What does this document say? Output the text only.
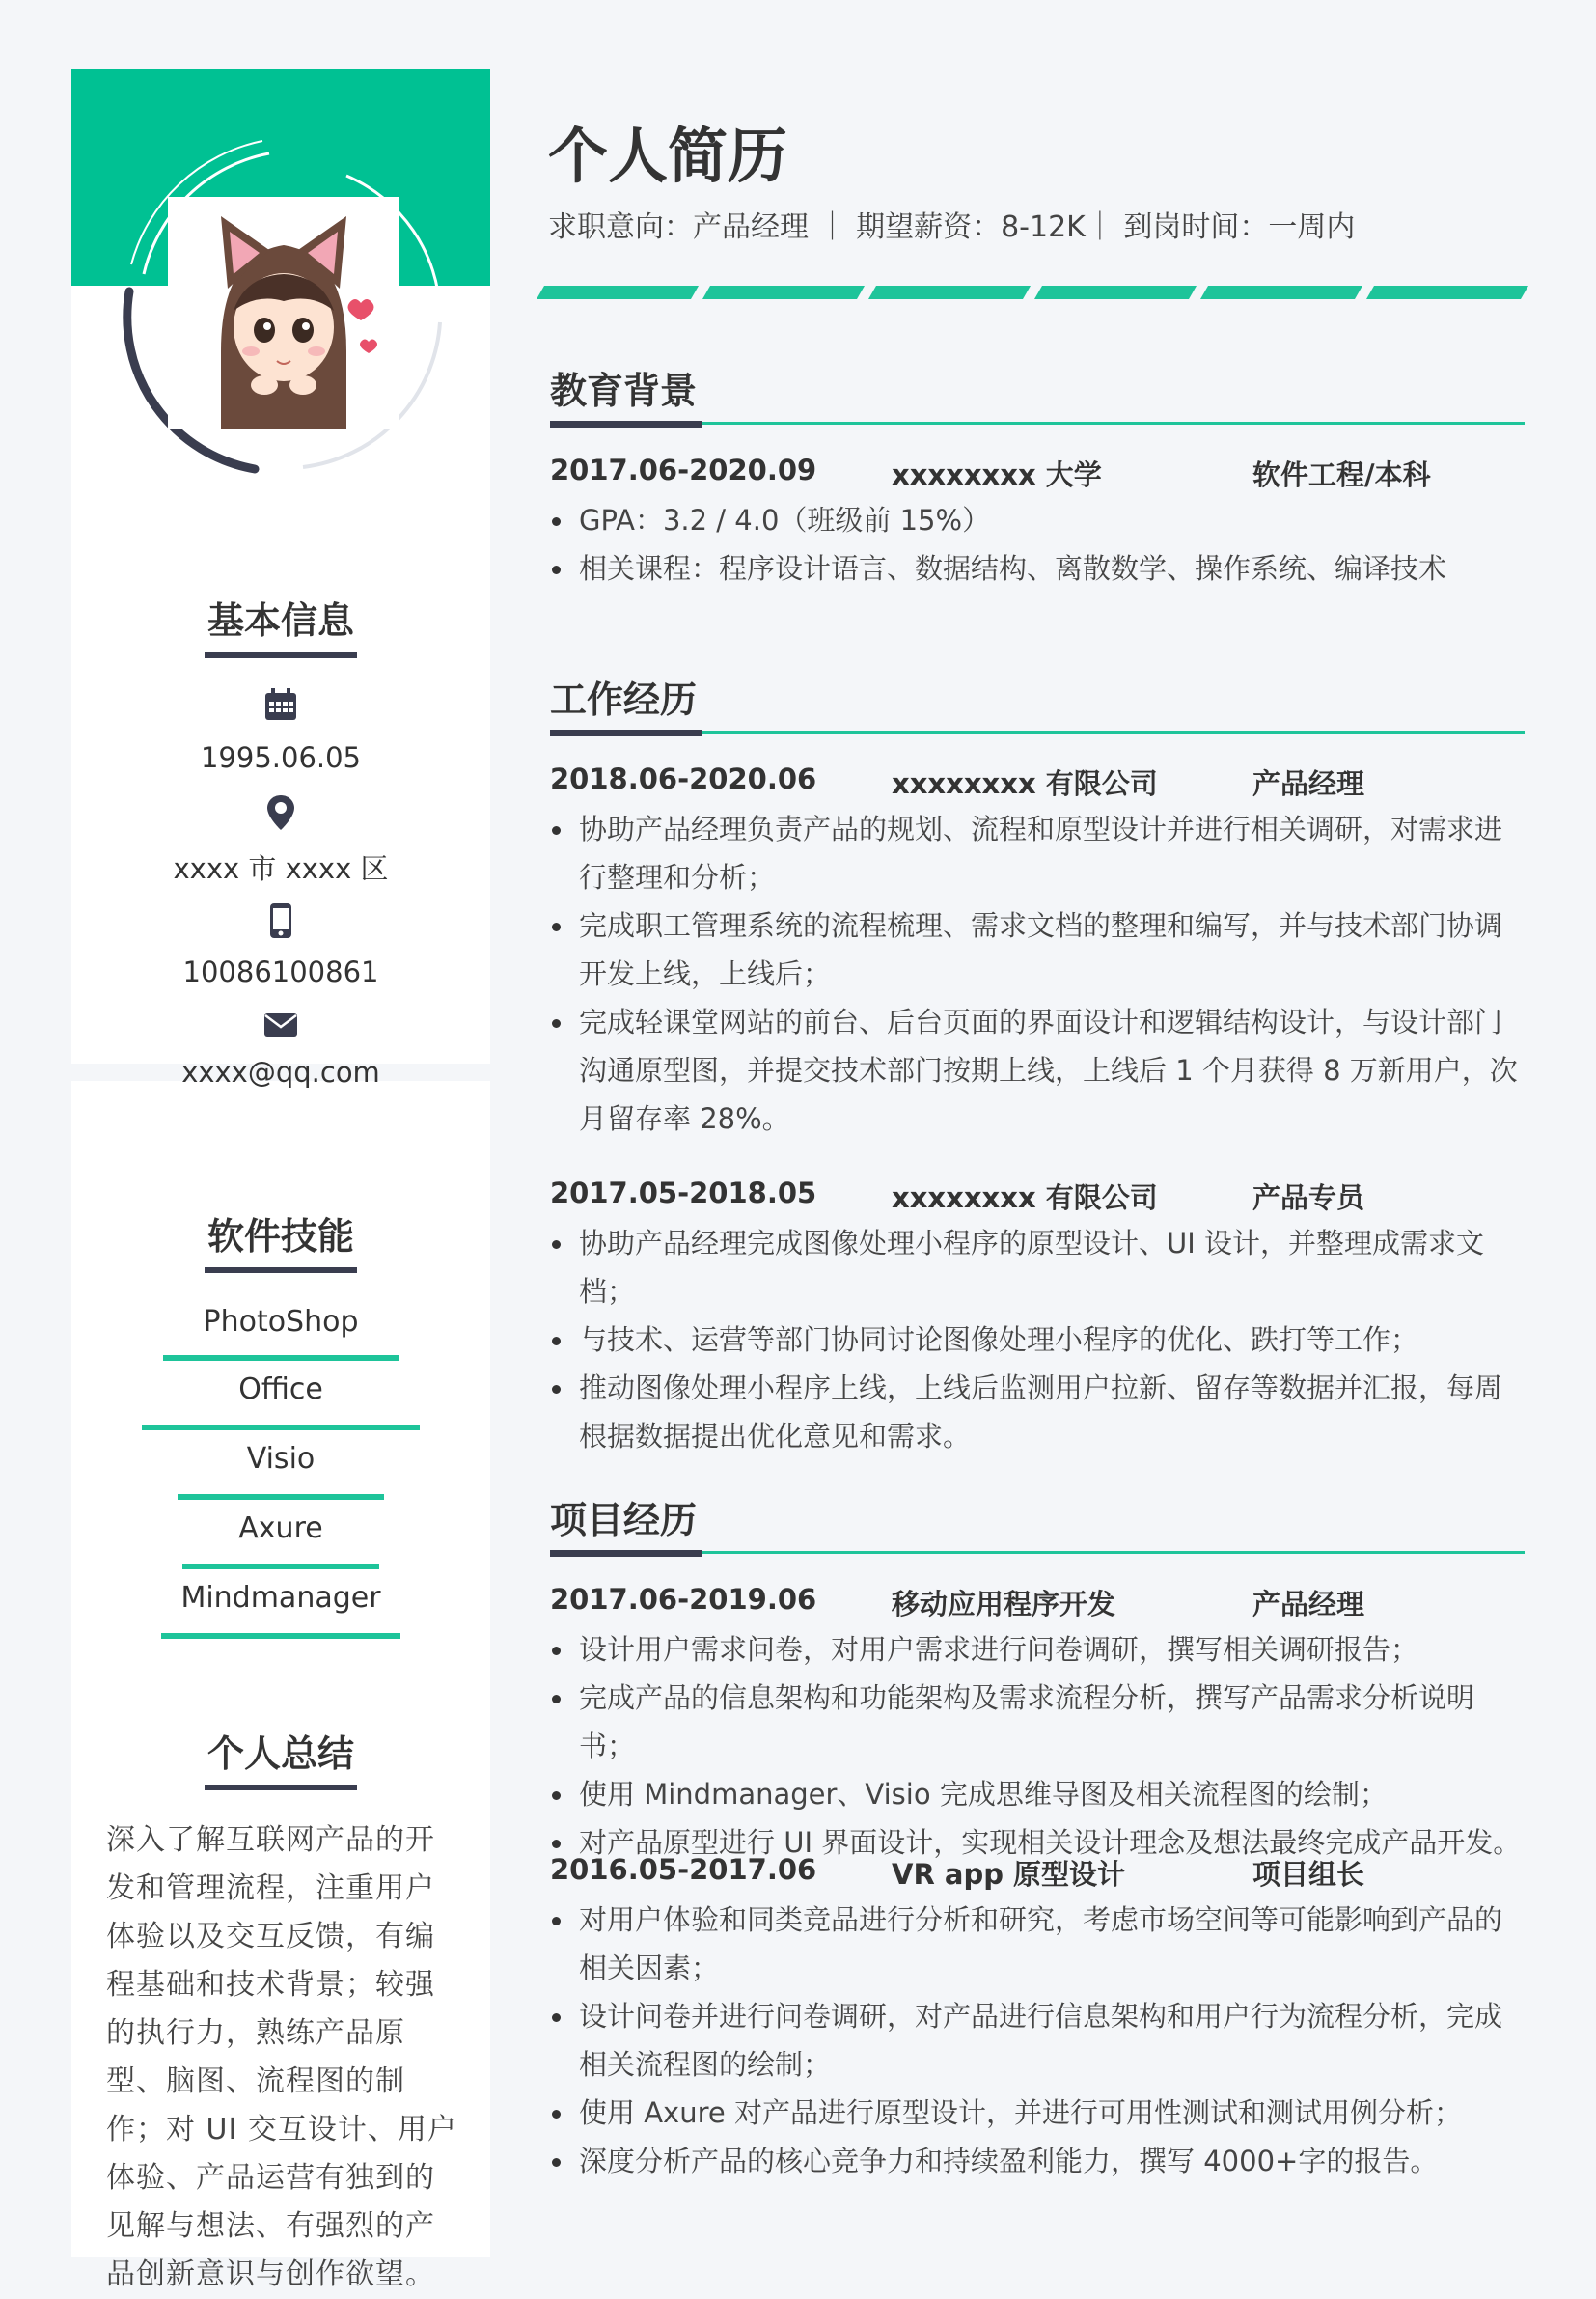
基本信息
1995.06.05
xxxx 市 xxxx 区
10086100861
xxxx@qq.com
软件技能
PhotoShop
Office
Visio
Axure
Mindmanager
个人总结
深入了解互联网产品的开发和管理流程，注重用户体验以及交互反馈，有编程基础和技术背景；较强的执行力，熟练产品原型、脑图、流程图的制作；对 UI 交互设计、用户体验、产品运营有独到的见解与想法、有强烈的产品创新意识与创作欲望。
个人简历
求职意向：产品经理 ｜ 期望薪资：8-12K｜ 到岗时间：一周内
教育背景
2017.06-2020.09	xxxxxxxx 大学	软件工程/本科
GPA：3.2 / 4.0（班级前 15%）
相关课程：程序设计语言、数据结构、离散数学、操作系统、编译技术
工作经历
2018.06-2020.06	xxxxxxxx 有限公司	产品经理
协助产品经理负责产品的规划、流程和原型设计并进行相关调研，对需求进行整理和分析；
完成职工管理系统的流程梳理、需求文档的整理和编写，并与技术部门协调开发上线，上线后；
完成轻课堂网站的前台、后台页面的界面设计和逻辑结构设计，与设计部门沟通原型图，并提交技术部门按期上线，上线后 1 个月获得 8 万新用户，次月留存率 28%。
2017.05-2018.05	xxxxxxxx 有限公司	产品专员
协助产品经理完成图像处理小程序的原型设计、UI 设计，并整理成需求文档；
与技术、运营等部门协同讨论图像处理小程序的优化、跌打等工作；
推动图像处理小程序上线，上线后监测用户拉新、留存等数据并汇报，每周根据数据提出优化意见和需求。
项目经历
2017.06-2019.06	移动应用程序开发	产品经理
设计用户需求问卷，对用户需求进行问卷调研，撰写相关调研报告；
完成产品的信息架构和功能架构及需求流程分析，撰写产品需求分析说明书；
使用 Mindmanager、Visio 完成思维导图及相关流程图的绘制；
对产品原型进行 UI 界面设计，实现相关设计理念及想法最终完成产品开发。
2016.05-2017.06	VR app 原型设计	项目组长
对用户体验和同类竞品进行分析和研究，考虑市场空间等可能影响到产品的相关因素；
设计问卷并进行问卷调研，对产品进行信息架构和用户行为流程分析，完成相关流程图的绘制；
使用 Axure 对产品进行原型设计，并进行可用性测试和测试用例分析；
深度分析产品的核心竞争力和持续盈利能力，撰写 4000+字的报告。
